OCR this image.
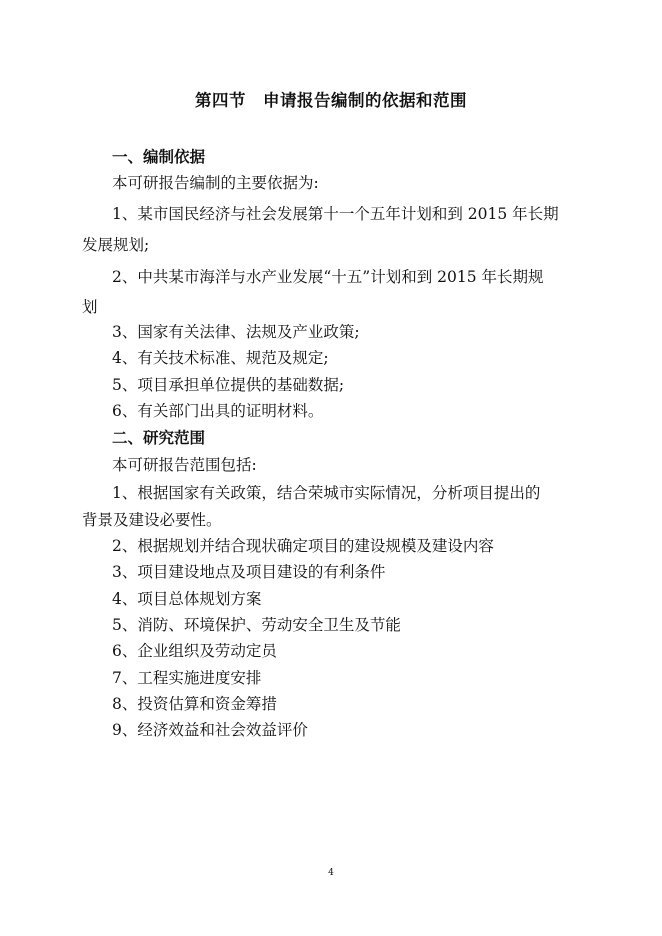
第四节　申请报告编制的依据和范围
一、编制依据
本可研报告编制的主要依据为:
1、某市国民经济与社会发展第十一个五年计划和到 2015 年长期
发展规划;
2、中共某市海洋与水产业发展“十五”计划和到 2015 年长期规
划
3、国家有关法律、法规及产业政策;
4、有关技术标准、规范及规定;
5、项目承担单位提供的基础数据;
6、有关部门出具的证明材料。
二、研究范围
本可研报告范围包括:
1、根据国家有关政策，结合荣城市实际情况，分析项目提出的
背景及建设必要性。
2、根据规划并结合现状确定项目的建设规模及建设内容
3、项目建设地点及项目建设的有利条件
4、项目总体规划方案
5、消防、环境保护、劳动安全卫生及节能
6、企业组织及劳动定员
7、工程实施进度安排
8、投资估算和资金筹措
9、经济效益和社会效益评价
4
